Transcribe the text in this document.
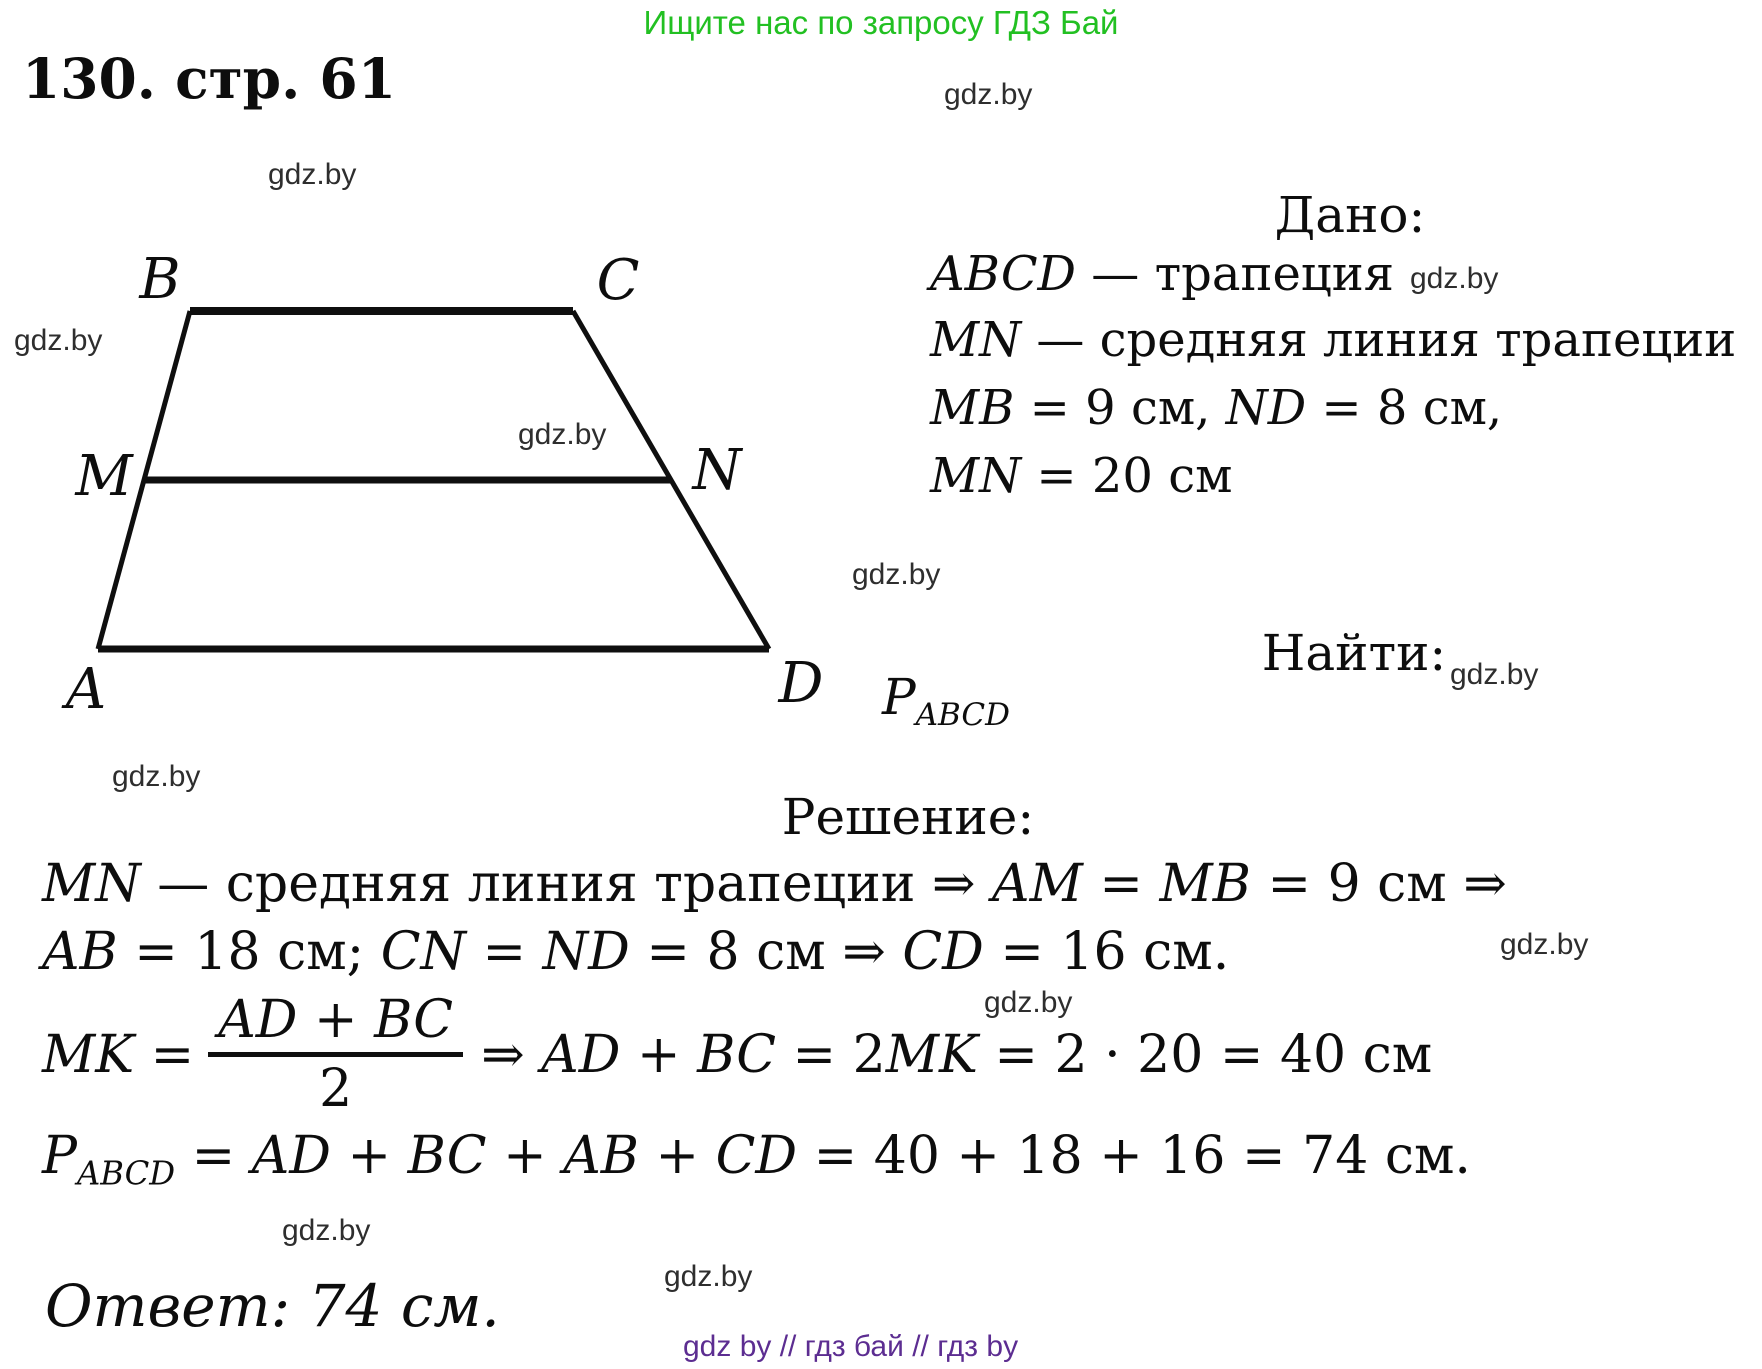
Ищите нас по запросу ГДЗ Бай
130. стр. 61	gdz.by
gdz.by
gdz.by
gdz.by
gdz.by
gdz.by
gdz.by
gdz.by
gdz.by
gdz.by
gdz.by
gdz.by
B	C
M	N
A	D
Дано:
ABCD — трапеция
MN — средняя линия трапеции
MB = 9 см, ND = 8 см,
MN = 20 см
Найти:
$P_{ABCD}$
Решение:
MN — средняя линия трапеции ⇒ AM = MB = 9 см ⇒
AB = 18 см; CN = ND = 8 см ⇒ CD = 16 см.
MK =
AD + BC
2
⇒ AD + BC = 2MK = 2 · 20 = 40 см
$P_{ABCD}$ = AD + BC + AB + CD = 40 + 18 + 16 = 74 см.
Ответ: 74 см.
gdz by // гдз бай // гдз by
